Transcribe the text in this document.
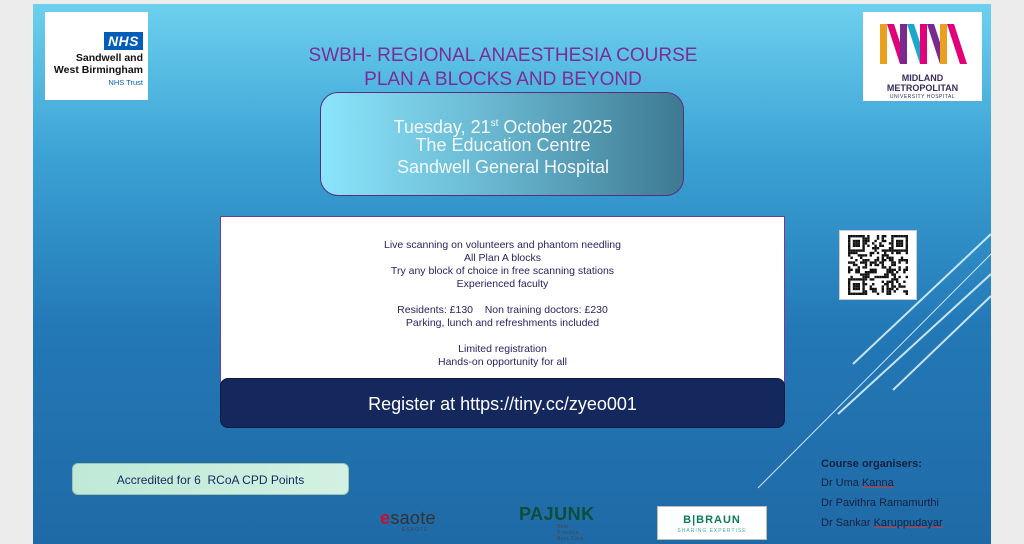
NHS
Sandwell and
West Birmingham
NHS Trust	MIDLAND
METROPOLITAN
UNIVERSITY HOSPITAL
SWBH- REGIONAL ANAESTHESIA COURSE
PLAN A BLOCKS AND BEYOND
Tuesday, 21st October 2025
The Education Centre
Sandwell General Hospital
Live scanning on volunteers and phantom needling
All Plan A blocks
Try any block of choice in free scanning stations
Experienced faculty
Residents: £130    Non training doctors: £230
Parking, lunch and refreshments included
Limited registration
Hands-on opportunity for all
Register at https://tiny.cc/zyeo001
Accredited for 6  RCoA CPD Points
Course organisers:
Dr Uma Kanna
Dr Pavithra Ramamurthi
Dr Sankar Karuppudayar
esaote
ESAOTE
PAJUNK
Best Practice. Best Care.
B|BRAUN
SHARING EXPERTISE
